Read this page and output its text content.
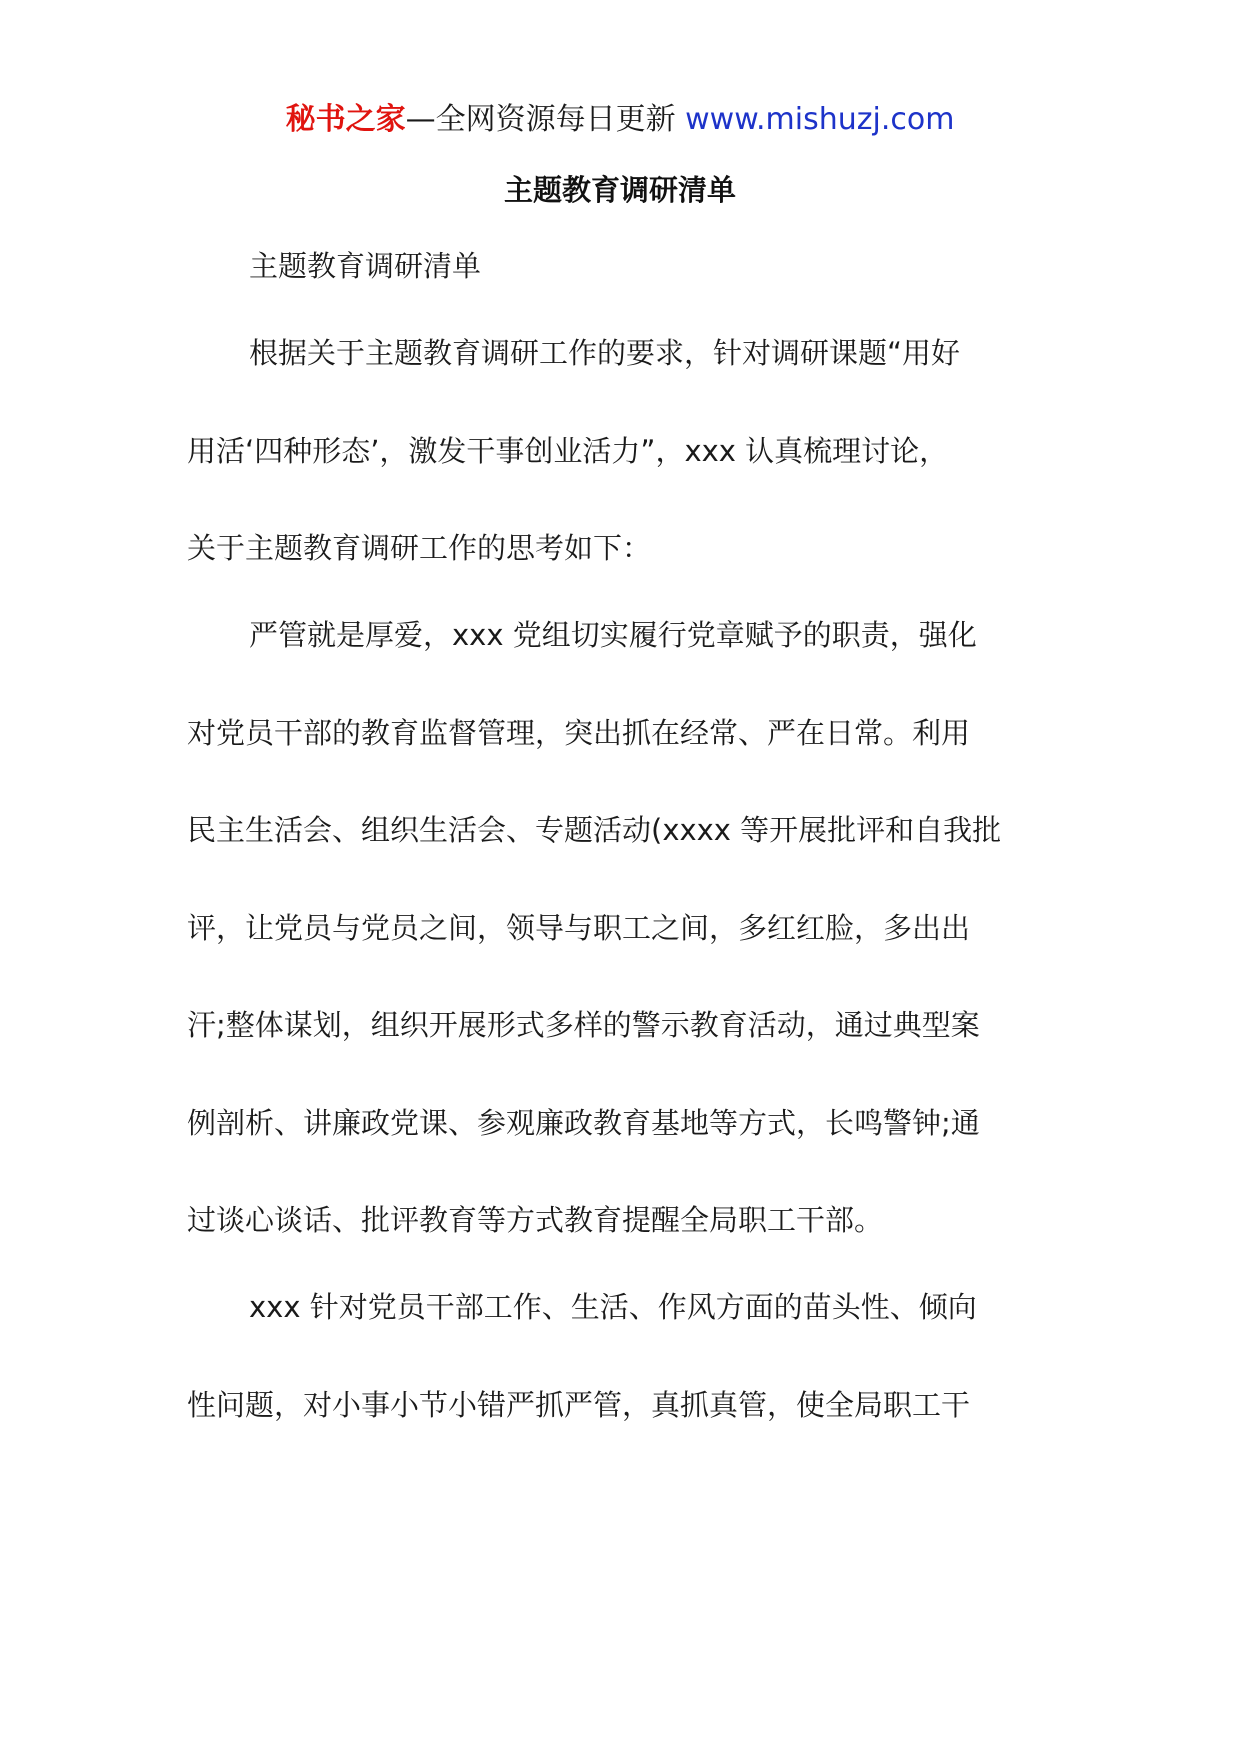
秘书之家—全网资源每日更新 www.mishuzj.com
主题教育调研清单

主题教育调研清单

根据关于主题教育调研工作的要求，针对调研课题“用好
用活‘四种形态’，激发干事创业活力”，xxx 认真梳理讨论，
关于主题教育调研工作的思考如下：

严管就是厚爱，xxx 党组切实履行党章赋予的职责，强化
对党员干部的教育监督管理，突出抓在经常、严在日常。利用
民主生活会、组织生活会、专题活动(xxxx 等开展批评和自我批
评，让党员与党员之间，领导与职工之间，多红红脸，多出出
汗;整体谋划，组织开展形式多样的警示教育活动，通过典型案
例剖析、讲廉政党课、参观廉政教育基地等方式，长鸣警钟;通
过谈心谈话、批评教育等方式教育提醒全局职工干部。

xxx 针对党员干部工作、生活、作风方面的苗头性、倾向
性问题，对小事小节小错严抓严管，真抓真管，使全局职工干
